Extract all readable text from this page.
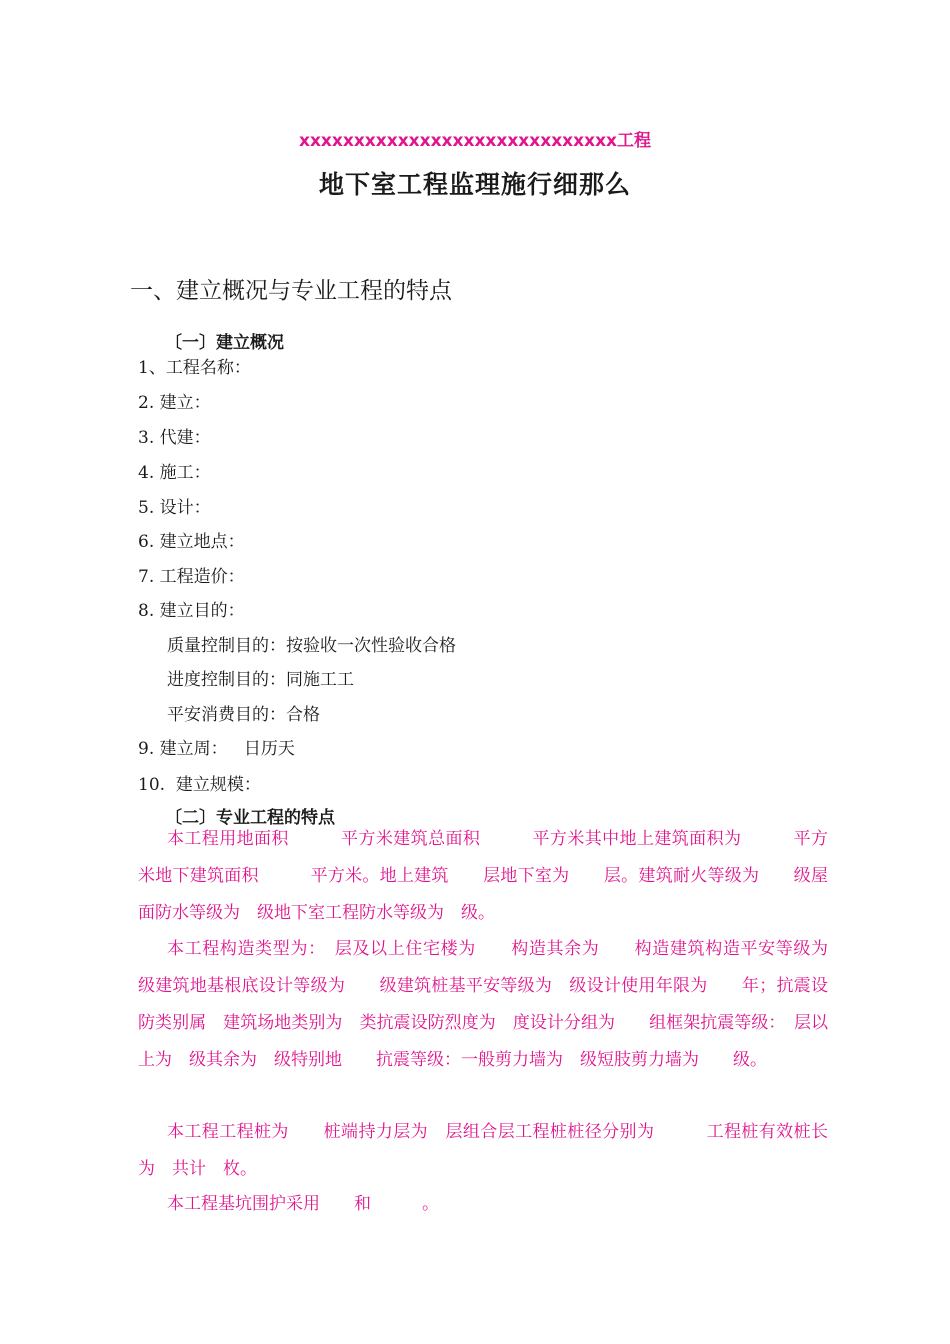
xxxxxxxxxxxxxxxxxxxxxxxxxxxxx工程
地下室工程监理施行细那么
一、建立概况与专业工程的特点
〔一〕建立概况
1、工程名称：
2. 建立：
3. 代建：
4. 施工：
5. 设计：
6. 建立地点：
7. 工程造价：
8. 建立目的：
质量控制目的：按验收一次性验收合格
进度控制目的：同施工工
平安消费目的：合格
9. 建立周：   日历天
10.  建立规模：
〔二〕专业工程的特点
本工程用地面积　　　平方米建筑总面积　　　平方米其中地上建筑面积为　　　平方米地下建筑面积　　　平方米。地上建筑　　层地下室为　　层。建筑耐火等级为　　级屋面防水等级为　级地下室工程防水等级为　级。
本工程构造类型为：　层及以上住宅楼为　　构造其余为　　构造建筑构造平安等级为　级建筑地基根底设计等级为　　级建筑桩基平安等级为　级设计使用年限为　　年；抗震设防类别属　建筑场地类别为　类抗震设防烈度为　度设计分组为　　组框架抗震等级：　层以上为　级其余为　级特别地　　抗震等级：一般剪力墙为　级短肢剪力墙为　　级。
本工程工程桩为　　桩端持力层为　层组合层工程桩桩径分别为　　　工程桩有效桩长为　共计　枚。
本工程基坑围护采用　　和　　　。
